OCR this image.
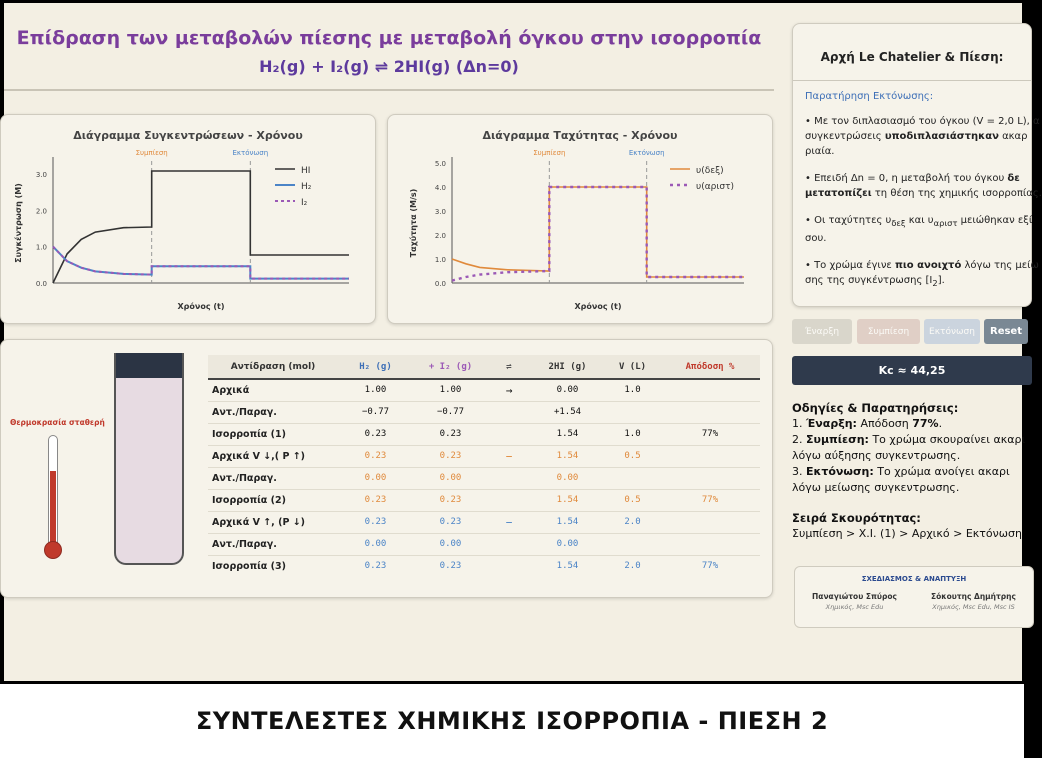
Επίδραση των μεταβολών πίεσης με μεταβολή όγκου στην ισορροπία
H₂(g) + I₂(g) ⇌ 2HI(g) (Δn=0)
Διάγραμμα Συγκεντρώσεων - Χρόνου
0.0
1.0
2.0
3.0
Συμπίεση	Εκτόνωση
HI
H₂
I₂
Συγκέντρωση (M)
Χρόνος (t)
Διάγραμμα Ταχύτητας - Χρόνου
0.0
1.0
2.0
3.0
4.0
5.0
Συμπίεση	Εκτόνωση
υ(δεξ)
υ(αριστ)
Ταχύτητα (M/s)
Χρόνος (t)
Θερμοκρασία σταθερή
Αντίδραση (mol)	H₂ (g)	+ I₂ (g)	⇌	2HI (g)	V (L)	Απόδοση %
Αρχικά	1.00	1.00	→	0.00	1.0	
Αντ./Παραγ.	−0.77	−0.77		+1.54		
Ισορροπία (1)	0.23	0.23		1.54	1.0	77%
Αρχικά V ↓,( P ↑)	0.23	0.23	−	1.54	0.5	
Αντ./Παραγ.	0.00	0.00		0.00		
Ισορροπία (2)	0.23	0.23		1.54	0.5	77%
Αρχικά V ↑, (P ↓)	0.23	0.23	−	1.54	2.0	
Αντ./Παραγ.	0.00	0.00		0.00		
Ισορροπία (3)	0.23	0.23		1.54	2.0	77%
Αρχή Le Chatelier & Πίεση:
Παρατήρηση Εκτόνωσης:
• Με τον διπλασιασμό του όγκου (V = 2,0 L), α
συγκεντρώσεις υποδιπλασιάστηκαν ακαρ
ριαία.
• Επειδή Δn = 0, η μεταβολή του όγκου δε
μετατοπίζει τη θέση της χημικής ισορροπίας.
• Οι ταχύτητες $\upsilon_{\delta\varepsilon\xi}$ και $\upsilon_{\alpha\rho\iota\sigma\tau}$ μειώθηκαν εξί
σου.
• Το χρώμα έγινε πιο ανοιχτό λόγω της μείω
σης της συγκέντρωσης $[I_2]$.
Έναρξη	Συμπίεση	Εκτόνωση	Reset
Kc ≈ 44,25
Οδηγίες & Παρατηρήσεις:
1. Έναρξη: Απόδοση 77%.
2. Συμπίεση: Το χρώμα σκουραίνει ακαρι
λόγω αύξησης συγκεντρωσης.
3. Εκτόνωση: Το χρώμα ανοίγει ακαρι
λόγω μείωσης συγκεντρωσης.
Σειρά Σκουρότητας:
Συμπίεση > Χ.Ι. (1) > Αρχικό > Εκτόνωση
ΣΧΕΔΙΑΣΜΟΣ & ΑΝΑΠΤΥΞΗ
Παναγιώτου Σπύρος
Χημικός, Msc Edu
Σόκουτης Δημήτρης
Χημικός, Msc Edu, Msc IS
ΣΥΝΤΕΛΕΣΤΕΣ ΧΗΜΙΚΗΣ ΙΣΟΡΡΟΠΙΑ - ΠΙΕΣΗ 2
